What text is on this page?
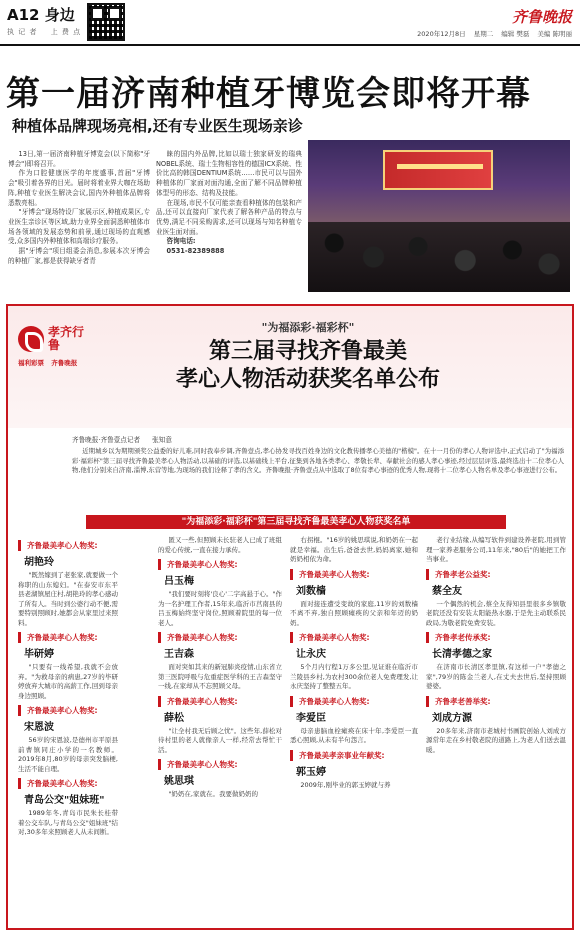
A12 身边
执 记 者 上 费 点
齐鲁晚报
2020年12月8日 星期二 编辑 樊磊 美编 陈明丽
第一届济南种植牙博览会即将开幕
种植体品牌现场亮相,还有专业医生现场亲诊

13日,第一届济南种植牙博览会(以下简称"牙博会")即将召开。

作为口腔健康医学的年度盛事,首届"牙博会"吸引着各界的目光。届时将着业界大咖在场助阵,种植专业医生解决会议,国内外种植体品牌将悉数亮相。

"牙博会"现场特设厂家展示区,种植成果区,专业医生亲诊区等区域,助力业界全面洞悉种植体市场各领域的发展态势和前景,通过现场的直观感受,众多国内外种植体和高端诊疗服务。

据"牙博会"项目组委会消息,参展本次牙博会的种植厂家,都是获得缺牙者青

睐的国内外品牌,比如以瑞士独家研发的瑞典NOBEL系统、瑞士生物相容性的德国ICX系统、性价比高的韩国DENTIUM系统……市民可以与国外种植体的厂家面对面沟通,全面了解不同品牌种植体型号的形态、结构及技能。

在现场,市民不仅可能亲查看种植体的包装和产品,还可以直接向厂家代表了解各种产品的特点与优势,满足不同采购需求,还可以现场与知名种植专业医生面对面。

咨询电话:

0531-82389888

孝齐行鲁
福利彩票 齐鲁晚报
"为福添彩·福彩杯"
第三届寻找齐鲁最美
孝心人物活动获奖名单公布
齐鲁晚报·齐鲁壹点记者 张知意

近期城乡以为期期颁奖公益委的好儿难,同时我奉步调,齐鲁壹点,孝心协发寻找百姓身边的文化教传播孝心美德的"楷模"。在十一月份的孝心人物评选中,正式启动了"为福添彩·福彩杯"第三届寻找齐鲁最美孝心人物活动,以基础的评选,以基础线上平台,征集到各地各类孝心、孝敬长辈、奉献社会的感人孝心事迹,经过层层评选,最终选出十二位孝心人物,他们分别来自济南,淄博,东营等地,为现场的我们诠释了孝的含义。齐鲁晚报·齐鲁壹点从中选取了8位有孝心事迹的优秀人物,现将十二位孝心人物名单及孝心事迹进行公布。

"为福添彩·福彩杯"第三届寻找齐鲁最美孝心人物获奖名单
齐鲁最美孝心人物奖:
胡艳玲

"既然嫁到了老张家,就要做一个称职的山东媳妇。"在泰安市东平县老湖镇屋庄村,胡艳玲的孝心感动了所有人。当时到公婆行动不便,需要特别照顾时,她都会从家里过来照料。

齐鲁最美孝心人物奖:
毕研婷

"只要有一线希望,我就不会放弃。"为救母亲的病患,27岁的毕研婷放弃大城市的高薪工作,回到母亲身边照顾。

齐鲁最美孝心人物奖:
宋恩波

56岁的宋恩波,是德州市平原县前曹镇同庄小学的一名教师。2019年8月,80岁的母亲突发脑梗,生活不能自理。

齐鲁最美孝心人物奖:
青岛公交"姐妹班"

1989年冬,青岛市民朱长桂带着公交车队,与青岛公交"姐妹班"结对,30多年来照顾老人从未间断。

匿又一些,但照顾未长驻老人已成了班组的爱心传统,一直在接力承传。

齐鲁最美孝心人物奖:
吕玉梅

"我们要时刻将'良心'二字高悬于心。"作为一名护理工作者,15年来,临沂市莒南县的吕玉梅始终坚守岗位,照顾着院里的每一位老人。

齐鲁最美孝心人物奖:
王吉森

面对突如其来的新冠肺炎疫情,山东省立第三医院呼吸与危重症医学科的王吉森坚守一线,在家却从不忘照顾父母。

齐鲁最美孝心人物奖:
薛松

"让全村我无后顾之忧"。这些年,薛松对待村里的老人就像亲人一样,经常去帮忙干活。

齐鲁最美孝心人物奖:
姚思琪

"奶奶在,家就在。我要做奶奶的

右拐棍。"16岁的姚思琪说,和奶奶在一起就是幸福。出生后,爸爸去世,妈妈离家,她和奶奶相依为命。

齐鲁最美孝心人物奖:
刘数樯

面对接连遭受变故的家庭,11岁的刘数樯不离不弃,独自照顾瘫痪的父亲和年迈的奶奶。

齐鲁最美孝心人物奖:
让永庆

5个月内行程1万多公里,见证谁在临沂市兰陵县乡村,为农村300余位老人免费理发,让永庆坚持了整整五年。

齐鲁最美孝心人物奖:
李爱臣

母亲患脑血栓瘫痪在床十年,李爱臣一直悉心照顾,从未有半句怨言。

齐鲁最美孝亲事业年献奖:
郭玉婷

2009年,刚毕业的郭玉婷就与养

老行业结缘,从编写软件到建设养老院,用到管理一家养老服务公司,11年来,"80后"的她把工作当事业。

齐鲁孝老公益奖:
蔡全友

一个偶然的机会,蔡全友得知县里很多乡镇敬老院还没有安装太阳能热水器,于是先主动联系民政局,为敬老院免费安装。

齐鲁孝老传承奖:
长清孝德之家

在济南市长清区孝里镇,有这样一户"孝德之家",79岁的陈金兰老人,在丈夫去世后,坚持照顾婆婆。

齐鲁孝老善举奖:
刘成方源

20多年来,济南市老城村书画院创始人刘成方源常年走在乡村敬老院的道路上,为老人们送去温暖。
